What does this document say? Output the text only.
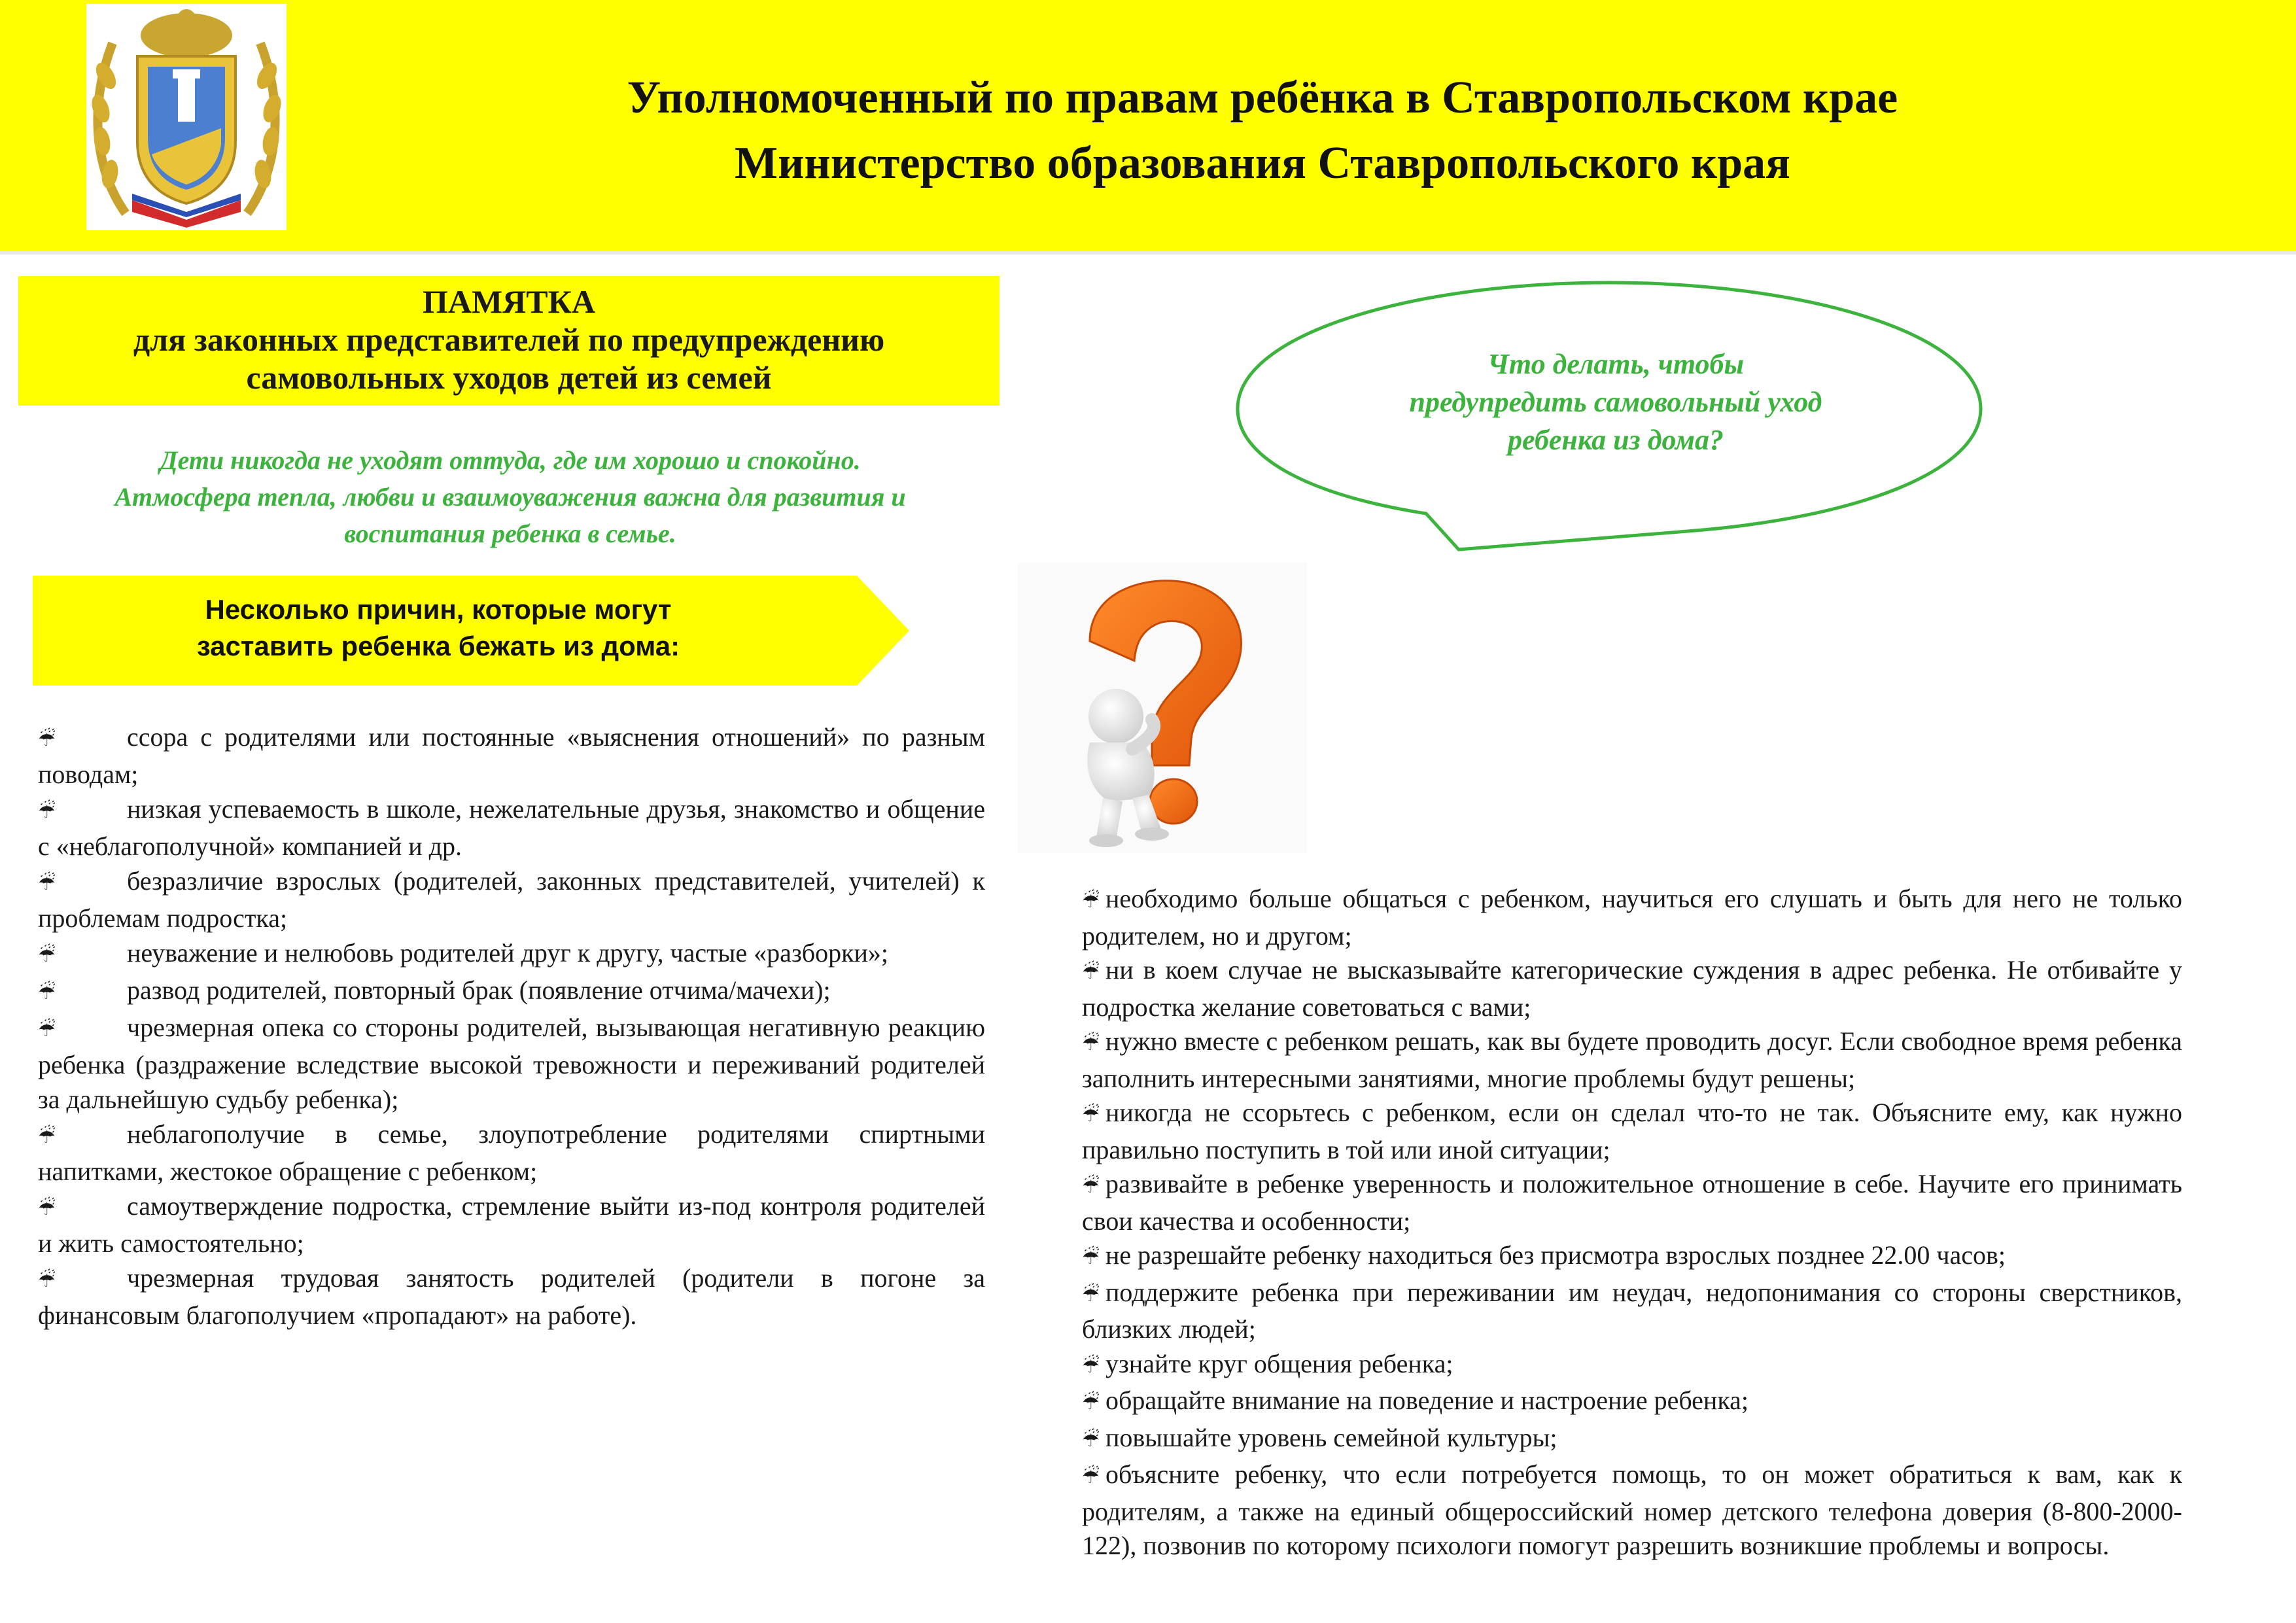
Уполномоченный по правам ребёнка в Ставропольском крае
Министерство образования Ставропольского края
ПАМЯТКА
для законных представителей по предупреждению
самовольных уходов детей из семей
Дети никогда не уходят оттуда, где им хорошо и спокойно.
Атмосфера тепла, любви и взаимоуважения важна для развития и
воспитания ребенка в семье.
Несколько причин, которые могут
заставить ребенка бежать из дома:
☔	ссора с родителями или постоянные «выяснения отношений» по разным поводам;
☔	низкая успеваемость в школе, нежелательные друзья, знакомство и общение с «неблагополучной» компанией и др.
☔	безразличие взрослых (родителей, законных представителей, учителей) к проблемам подростка;
☔	неуважение и нелюбовь родителей друг к другу, частые «разборки»;
☔	развод родителей, повторный брак (появление отчима/мачехи);
☔	чрезмерная опека со стороны родителей, вызывающая негативную реакцию ребенка (раздражение вследствие высокой тревожности и переживаний родителей за дальнейшую судьбу ребенка);
☔	неблагополучие в семье, злоупотребление родителями спиртными напитками, жестокое обращение с ребенком;
☔	самоутверждение подростка, стремление выйти из-под контроля родителей и жить самостоятельно;
☔	чрезмерная трудовая занятость родителей (родители в погоне за финансовым благополучием «пропадают» на работе).
Что делать, чтобы
предупредить самовольный уход
ребенка из дома?
☔ необходимо больше общаться с ребенком, научиться его слушать и быть для него не только родителем, но и другом;
☔ ни в коем случае не высказывайте категорические суждения в адрес ребенка. Не отбивайте у подростка желание советоваться с вами;
☔ нужно вместе с ребенком решать, как вы будете проводить досуг. Если свободное время ребенка заполнить интересными занятиями, многие проблемы будут решены;
☔ никогда не ссорьтесь с ребенком, если он сделал что-то не так. Объясните ему, как нужно правильно поступить в той или иной ситуации;
☔ развивайте в ребенке уверенность и положительное отношение в себе. Научите его принимать свои качества и особенности;
☔ не разрешайте ребенку находиться без присмотра взрослых позднее 22.00 часов;
☔ поддержите ребенка при переживании им неудач, недопонимания со стороны сверстников, близких людей;
☔ узнайте круг общения ребенка;
☔ обращайте внимание на поведение и настроение ребенка;
☔ повышайте уровень семейной культуры;
☔ объясните ребенку, что если потребуется помощь, то он может обратиться к вам, как к родителям, а также на единый общероссийский номер детского телефона доверия (8-800-2000-122), позвонив по которому психологи помогут разрешить возникшие проблемы и вопросы.
